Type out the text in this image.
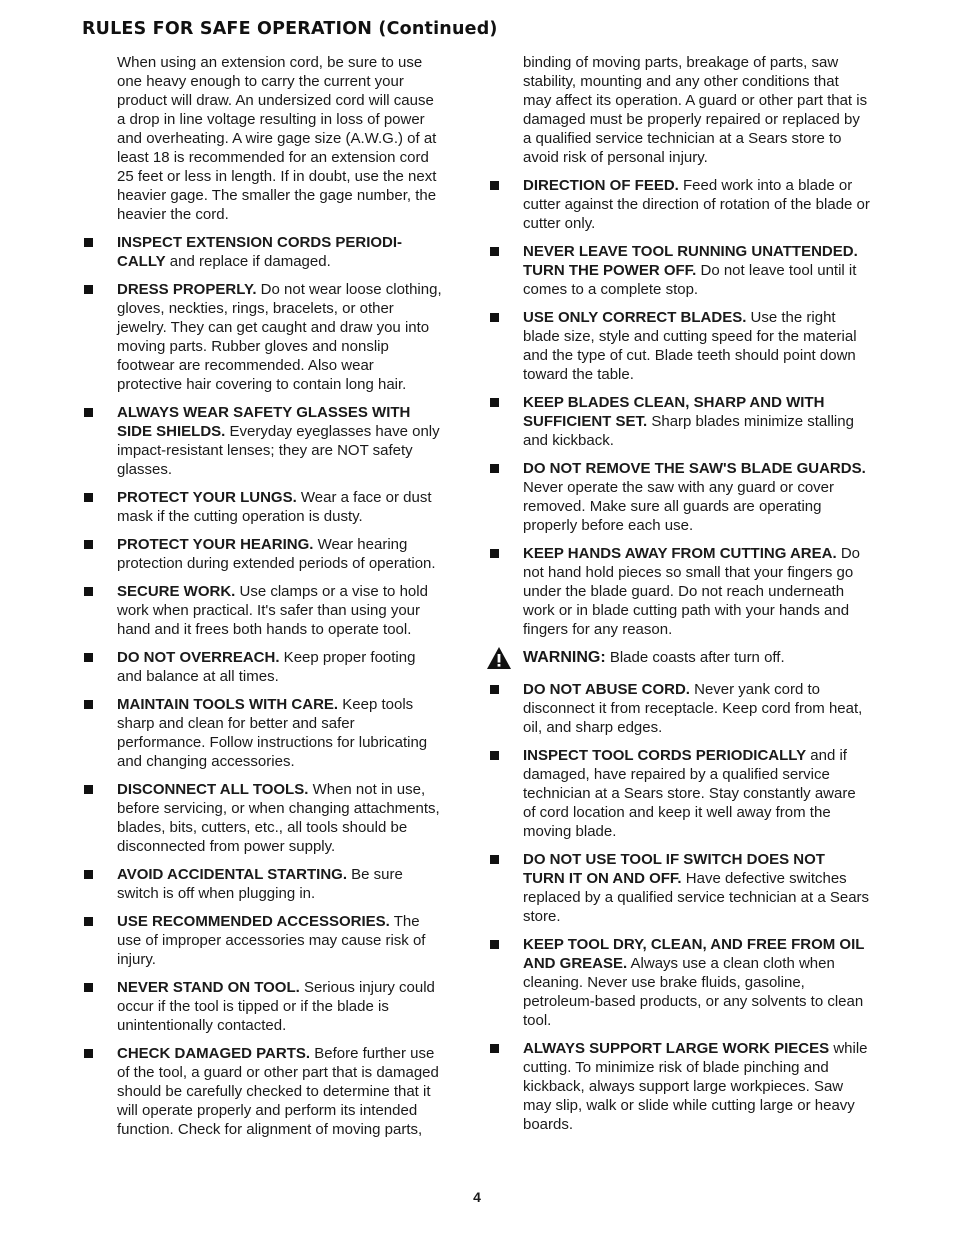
RULES FOR SAFE OPERATION (Continued)

When using an extension cord, be sure to use one heavy enough to carry the current your product will draw. An undersized cord will cause a drop in line voltage resulting in loss of power and overheating. A wire gage size (A.W.G.) of at least 18 is recommended for an extension cord 25 feet or less in length. If in doubt, use the next heavier gage. The smaller the gage number, the heavier the cord.

INSPECT EXTENSION CORDS PERIODI-CALLY and replace if damaged.

DRESS PROPERLY. Do not wear loose clothing, gloves, neckties, rings, bracelets, or other jewelry. They can get caught and draw you into moving parts. Rubber gloves and nonslip footwear are recommended. Also wear protective hair covering to contain long hair.

ALWAYS WEAR SAFETY GLASSES WITH SIDE SHIELDS. Everyday eyeglasses have only impact-resistant lenses; they are NOT safety glasses.

PROTECT YOUR LUNGS. Wear a face or dust mask if the cutting operation is dusty.

PROTECT YOUR HEARING. Wear hearing protection during extended periods of operation.

SECURE WORK. Use clamps or a vise to hold work when practical. It's safer than using your hand and it frees both hands to operate tool.

DO NOT OVERREACH. Keep proper footing and balance at all times.

MAINTAIN TOOLS WITH CARE. Keep tools sharp and clean for better and safer performance. Follow instructions for lubricating and changing accessories.

DISCONNECT ALL TOOLS. When not in use, before servicing, or when changing attachments, blades, bits, cutters, etc., all tools should be disconnected from power supply.

AVOID ACCIDENTAL STARTING. Be sure switch is off when plugging in.

USE RECOMMENDED ACCESSORIES. The use of improper accessories may cause risk of injury.

NEVER STAND ON TOOL. Serious injury could occur if the tool is tipped or if the blade is unintentionally contacted.

CHECK DAMAGED PARTS. Before further use of the tool, a guard or other part that is damaged should be carefully checked to determine that it will operate properly and perform its intended function. Check for alignment of moving parts,

binding of moving parts, breakage of parts, saw stability, mounting and any other conditions that may affect its operation. A guard or other part that is damaged must be properly repaired or replaced by a qualified service technician at a Sears store to avoid risk of personal injury.

DIRECTION OF FEED. Feed work into a blade or cutter against the direction of rotation of the blade or cutter only.

NEVER LEAVE TOOL RUNNING UNATTENDED. TURN THE POWER OFF. Do not leave tool until it comes to a complete stop.

USE ONLY CORRECT BLADES. Use the right blade size, style and cutting speed for the material and the type of cut. Blade teeth should point down toward the table.

KEEP BLADES CLEAN, SHARP AND WITH SUFFICIENT SET. Sharp blades minimize stalling and kickback.

DO NOT REMOVE THE SAW'S BLADE GUARDS. Never operate the saw with any guard or cover removed. Make sure all guards are operating properly before each use.

KEEP HANDS AWAY FROM CUTTING AREA. Do not hand hold pieces so small that your fingers go under the blade guard. Do not reach underneath work or in blade cutting path with your hands and fingers for any reason.

WARNING: Blade coasts after turn off.

DO NOT ABUSE CORD. Never yank cord to disconnect it from receptacle. Keep cord from heat, oil, and sharp edges.

INSPECT TOOL CORDS PERIODICALLY and if damaged, have repaired by a qualified service technician at a Sears store. Stay constantly aware of cord location and keep it well away from the moving blade.

DO NOT USE TOOL IF SWITCH DOES NOT TURN IT ON AND OFF. Have defective switches replaced by a qualified service technician at a Sears store.

KEEP TOOL DRY, CLEAN, AND FREE FROM OIL AND GREASE. Always use a clean cloth when cleaning. Never use brake fluids, gasoline, petroleum-based products, or any solvents to clean tool.

ALWAYS SUPPORT LARGE WORK PIECES while cutting. To minimize risk of blade pinching and kickback, always support large workpieces. Saw may slip, walk or slide while cutting large or heavy boards.

4
